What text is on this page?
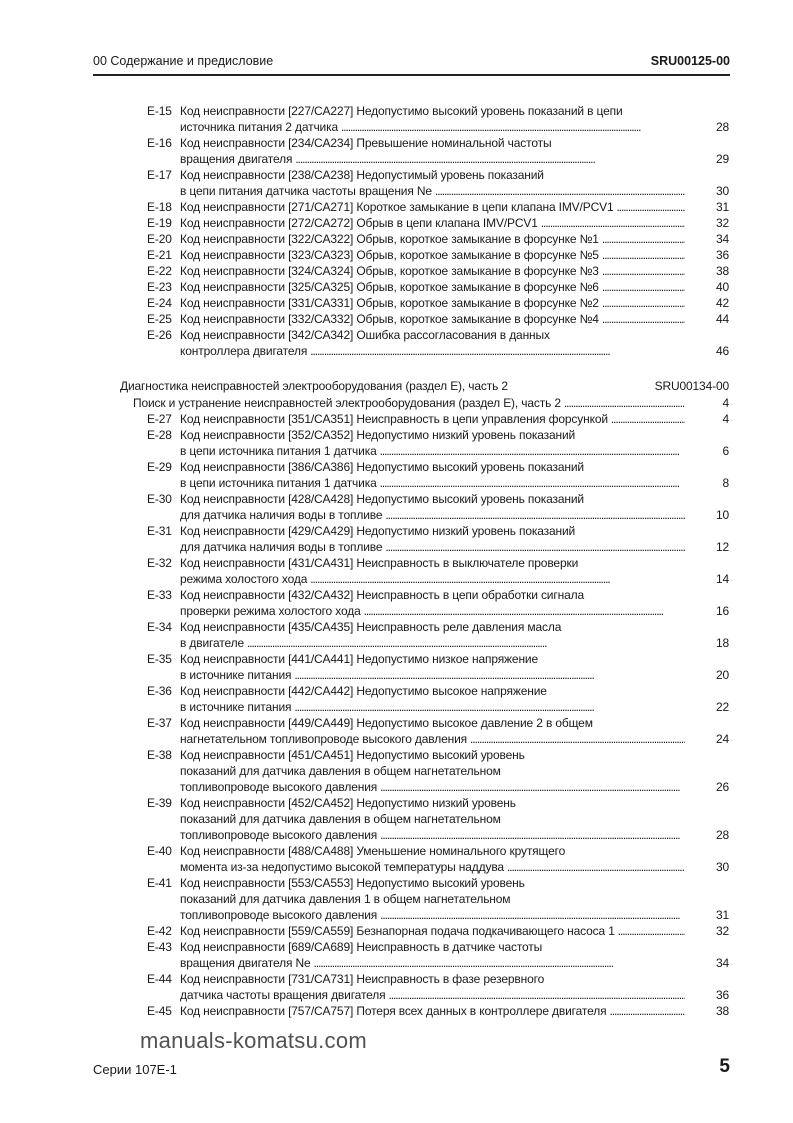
00 Содержание и предисловие	SRU00125-00
E-15 Код неисправности [227/CA227] Недопустимо высокий уровень показаний в цепи
источника питания 2 датчика . . .	28
E-16 Код неисправности [234/CA234] Превышение номинальной частоты
вращения двигателя . . .	29
E-17 Код неисправности [238/CA238] Недопустимый уровень показаний
в цепи питания датчика частоты вращения Ne . . .	30
E-18 Код неисправности [271/CA271] Короткое замыкание в цепи клапана IMV/PCV1 . . .	31
E-19 Код неисправности [272/CA272] Обрыв в цепи клапана IMV/PCV1 . . .	32
E-20 Код неисправности [322/CA322] Обрыв, короткое замыкание в форсунке №1 . . .	34
E-21 Код неисправности [323/CA323] Обрыв, короткое замыкание в форсунке №5 . . .	36
E-22 Код неисправности [324/CA324] Обрыв, короткое замыкание в форсунке №3 . . .	38
E-23 Код неисправности [325/CA325] Обрыв, короткое замыкание в форсунке №6 . . .	40
E-24 Код неисправности [331/CA331] Обрыв, короткое замыкание в форсунке №2 . . .	42
E-25 Код неисправности [332/CA332] Обрыв, короткое замыкание в форсунке №4 . . .	44
E-26 Код неисправности [342/CA342] Ошибка рассогласования в данных
контроллера двигателя . . .	46
Диагностика неисправностей электрооборудования (раздел E), часть 2	SRU00134-00
Поиск и устранение неисправностей электрооборудования (раздел E), часть 2 . . .	4
E-27 Код неисправности [351/CA351] Неисправность в цепи управления форсункой . . .	4
E-28 Код неисправности [352/CA352] Недопустимо низкий уровень показаний
в цепи источника питания 1 датчика . . .	6
E-29 Код неисправности [386/CA386] Недопустимо высокий уровень показаний
в цепи источника питания 1 датчика . . .	8
E-30 Код неисправности [428/CA428] Недопустимо высокий уровень показаний
для датчика наличия воды в топливе . . .	10
E-31 Код неисправности [429/CA429] Недопустимо низкий уровень показаний
для датчика наличия воды в топливе . . .	12
E-32 Код неисправности [431/CA431] Неисправность в выключателе проверки
режима холостого хода . . .	14
E-33 Код неисправности [432/CA432] Неисправность в цепи обработки сигнала
проверки режима холостого хода . . .	16
E-34 Код неисправности [435/CA435] Неисправность реле давления масла
в двигателе . . .	18
E-35 Код неисправности [441/CA441] Недопустимо низкое напряжение
в источнике питания . . .	20
E-36 Код неисправности [442/CA442] Недопустимо высокое напряжение
в источнике питания . . .	22
E-37 Код неисправности [449/CA449] Недопустимо высокое давление 2 в общем
нагнетательном топливопроводе высокого давления . . .	24
E-38 Код неисправности [451/CA451] Недопустимо высокий уровень
показаний для датчика давления в общем нагнетательном
топливопроводе высокого давления . . .	26
E-39 Код неисправности [452/CA452] Недопустимо низкий уровень
показаний для датчика давления в общем нагнетательном
топливопроводе высокого давления . . .	28
E-40 Код неисправности [488/CA488] Уменьшение номинального крутящего
момента из-за недопустимо высокой температуры наддува . . .	30
E-41 Код неисправности [553/CA553] Недопустимо высокий уровень
показаний для датчика давления 1 в общем нагнетательном
топливопроводе высокого давления . . .	31
E-42 Код неисправности [559/CA559] Безнапорная подача подкачивающего насоса 1 . . .	32
E-43 Код неисправности [689/CA689] Неисправность в датчике частоты
вращения двигателя Ne . . .	34
E-44 Код неисправности [731/CA731] Неисправность в фазе резервного
датчика частоты вращения двигателя . . .	36
E-45 Код неисправности [757/CA757] Потеря всех данных в контроллере двигателя . . .	38
manuals-komatsu.com
Серии 107E-1	5
